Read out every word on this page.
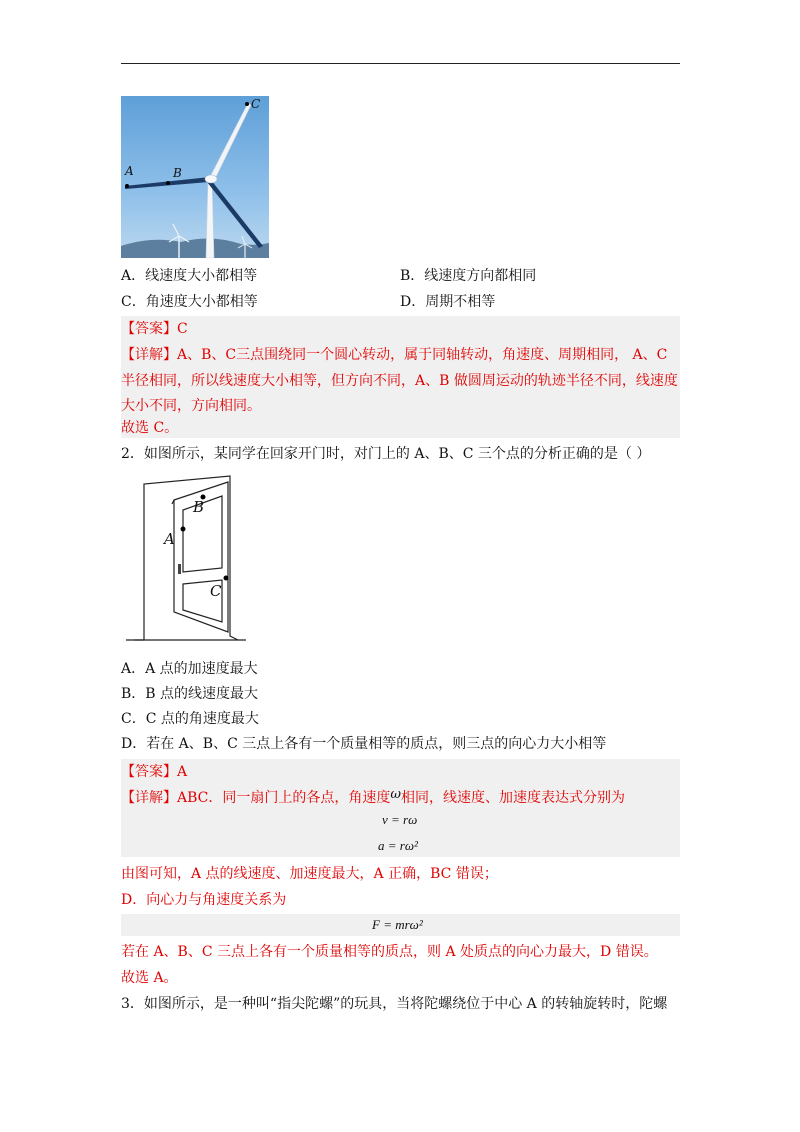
A	B
C
A．线速度大小都相等	B．线速度方向都相同
C．角速度大小都相等	D．周期不相等
【答案】C
【详解】A、B、C三点围绕同一个圆心转动，属于同轴转动，角速度、周期相同， A、C
半径相同，所以线速度大小相等，但方向不同，A、B 做圆周运动的轨迹半径不同，线速度
大小不同，方向相同。
故选 C。
2．如图所示，某同学在回家开门时，对门上的 A、B、C 三个点的分析正确的是（ ）
A
B
C
A．A 点的加速度最大
B．B 点的线速度最大
C．C 点的角速度最大
D．若在 A、B、C 三点上各有一个质量相等的质点，则三点的向心力大小相等
【答案】A
【详解】ABC．同一扇门上的各点，角速度ω相同，线速度、加速度表达式分别为
v = rω
a = rω²
由图可知，A 点的线速度、加速度最大，A 正确，BC 错误；
D．向心力与角速度关系为
F = mrω²
若在 A、B、C 三点上各有一个质量相等的质点，则 A 处质点的向心力最大，D 错误。
故选 A。
3．如图所示，是一种叫“指尖陀螺”的玩具，当将陀螺绕位于中心 A 的转轴旋转时，陀螺
